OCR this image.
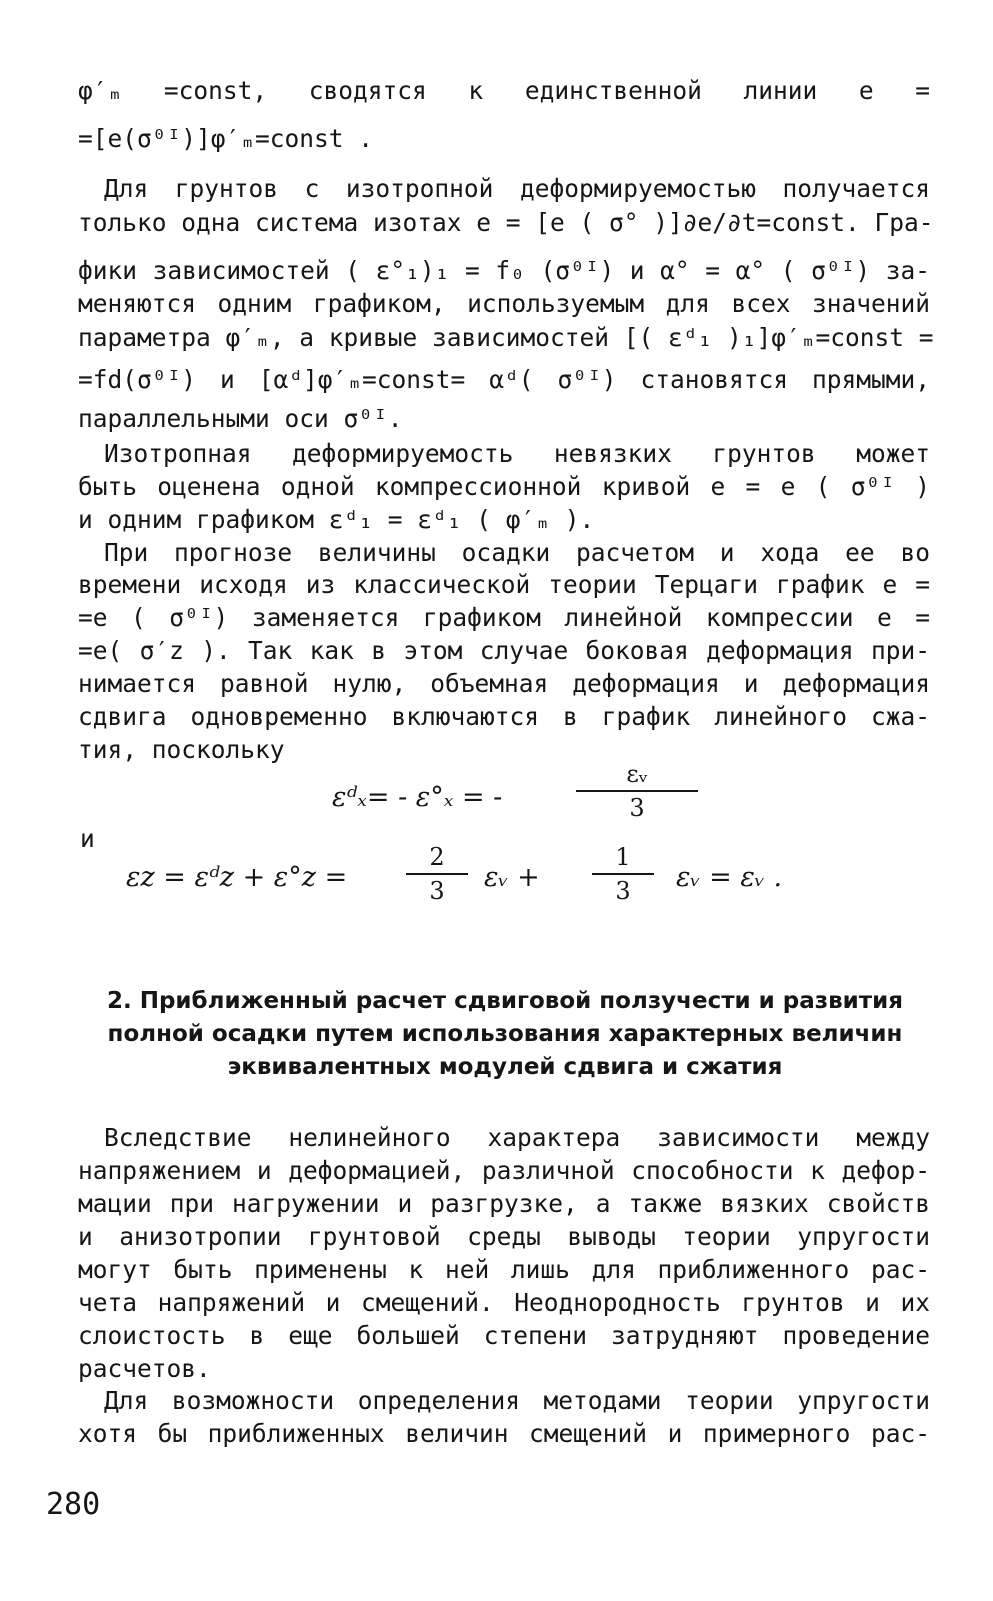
φ′ₘ =const, сводятся к единственной линии e =
=[e(σ⁰ᴵ)]φ′ₘ=const .
Для грунтов с изотропной деформируемостью получается
только одна система изотах e = [e ( σ° )]∂e/∂t=const. Гра-
фики зависимостей ( ε°₁)₁ = f₀ (σ⁰ᴵ) и α° = α° ( σ⁰ᴵ) за-
меняются одним графиком, используемым для всех значений
параметра φ′ₘ, а кривые зависимостей [( εᵈ₁ )₁]φ′ₘ=const =
=fd(σ⁰ᴵ) и [αᵈ]φ′ₘ=const= αᵈ( σ⁰ᴵ) становятся прямыми,
параллельными оси σ⁰ᴵ.
Изотропная деформируемость невязких грунтов может
быть оценена одной компрессионной кривой e = e ( σ⁰ᴵ )
и одним графиком εᵈ₁ = εᵈ₁ ( φ′ₘ ).
При прогнозе величины осадки расчетом и хода ее во
времени исходя из классической теории Терцаги график e =
=e ( σ⁰ᴵ) заменяется графиком линейной компрессии e =
=e( σ′z ). Так как в этом случае боковая деформация при-
нимается равной нулю, объемная деформация и деформация
сдвига одновременно включаются в график линейного сжа-
тия, поскольку
εᵈₓ= - ε°ₓ = -	$\frac{\text{εᵥ}}{3}$
и
εz = εᵈz + $\varepsilon^\circ z = \frac{2}{3}$ εᵥ + $\frac{1}{3}$ εᵥ = εᵥ .
2. Приближенный расчет сдвиговой ползучести и развития
полной осадки путем использования характерных величин
эквивалентных модулей сдвига и сжатия
Вследствие нелинейного характера зависимости между
напряжением и деформацией, различной способности к дефор-
мации при нагружении и разгрузке, а также вязких свойств
и анизотропии грунтовой среды выводы теории упругости
могут быть применены к ней лишь для приближенного рас-
чета напряжений и смещений. Неоднородность грунтов и их
слоистость в еще большей степени затрудняют проведение
расчетов.
Для возможности определения методами теории упругости
хотя бы приближенных величин смещений и примерного рас-
280
